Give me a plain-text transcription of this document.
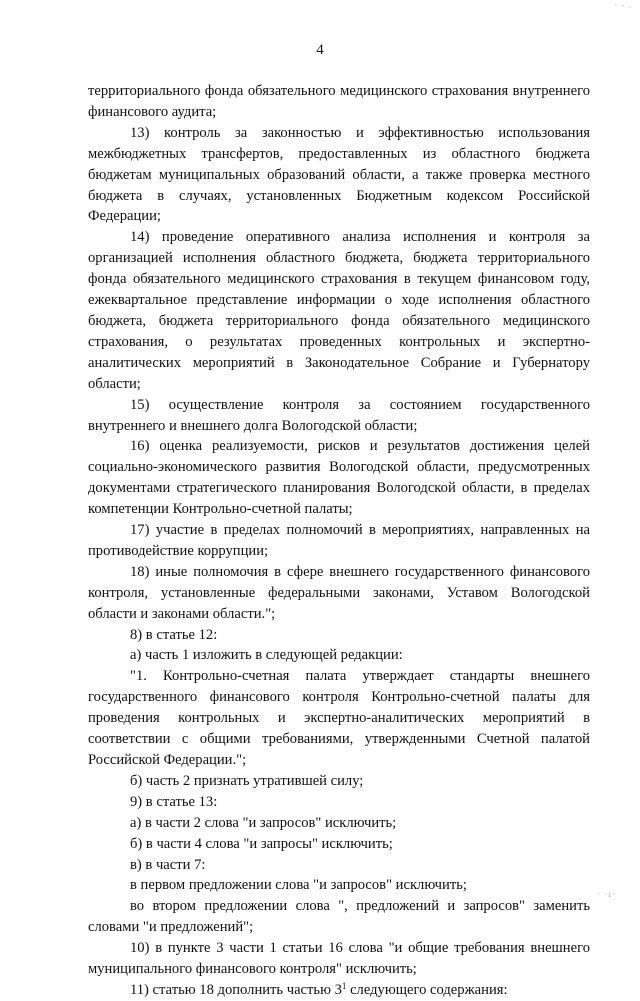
· - .
4

территориального фонда обязательного медицинского страхования внутреннего финансового аудита;

13) контроль за законностью и эффективностью использования межбюджетных трансфертов, предоставленных из областного бюджета бюджетам муниципальных образований области, а также проверка местного бюджета в случаях, установленных Бюджетным кодексом Российской Федерации;

14) проведение оперативного анализа исполнения и контроля за организацией исполнения областного бюджета, бюджета территориального фонда обязательного медицинского страхования в текущем финансовом году, ежеквартальное представление информации о ходе исполнения областного бюджета, бюджета территориального фонда обязательного медицинского страхования, о результатах проведенных контрольных и экспертно-аналитических мероприятий в Законодательное Собрание и Губернатору области;

15) осуществление контроля за состоянием государственного внутреннего и внешнего долга Вологодской области;

16) оценка реализуемости, рисков и результатов достижения целей социально-экономического развития Вологодской области, предусмотренных документами стратегического планирования Вологодской области, в пределах компетенции Контрольно-счетной палаты;

17) участие в пределах полномочий в мероприятиях, направленных на противодействие коррупции;

18) иные полномочия в сфере внешнего государственного финансового контроля, установленные федеральными законами, Уставом Вологодской области и законами области.";

8) в статье 12:

а) часть 1 изложить в следующей редакции:

"1. Контрольно-счетная палата утверждает стандарты внешнего государственного финансового контроля Контрольно-счетной палаты для проведения контрольных и экспертно-аналитических мероприятий в соответствии с общими требованиями, утвержденными Счетной палатой Российской Федерации.";

б) часть 2 признать утратившей силу;

9) в статье 13:

а) в части 2 слова "и запросов" исключить;

б) в части 4 слова "и запросы" исключить;

в) в части 7:

в первом предложении слова "и запросов" исключить;

во втором предложении слова ", предложений и запросов" заменить словами "и предложений";

10) в пункте 3 части 1 статьи 16 слова "и общие требования внешнего муниципального финансового контроля" исключить;

11) статью 18 дополнить частью $3^1$ следующего содержания:

· ·ı·
